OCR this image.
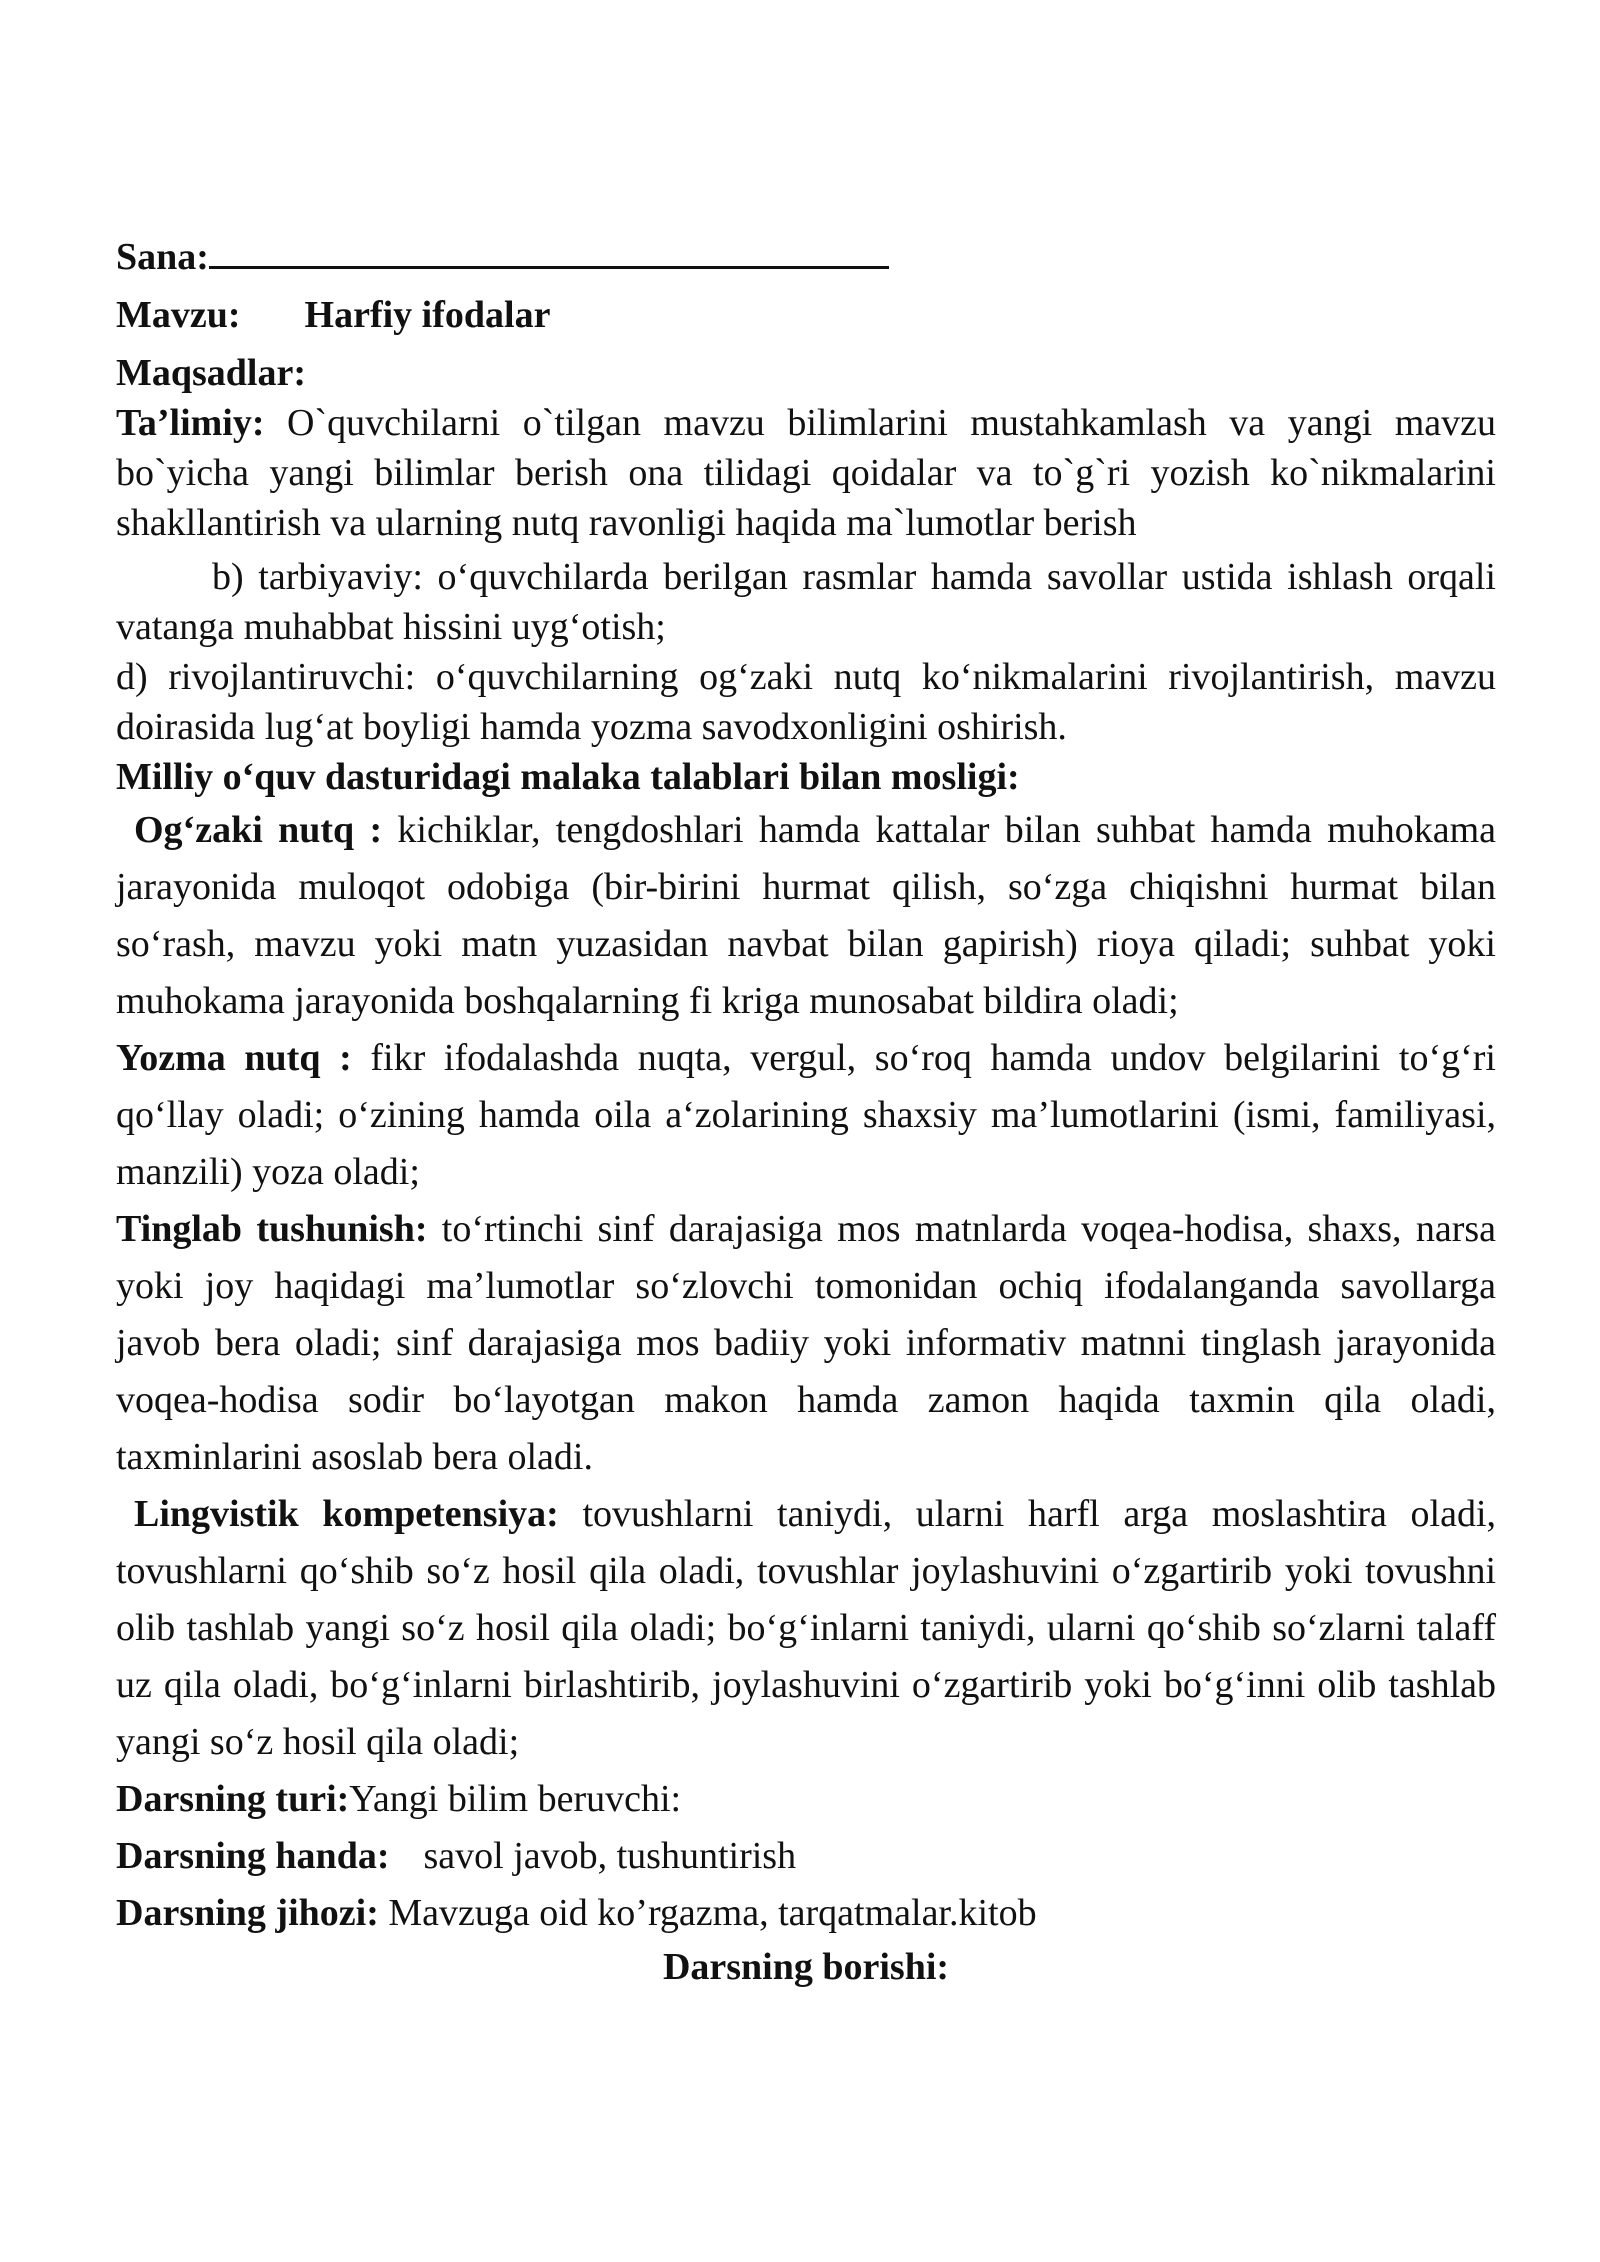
Sana:

Mavzu: Harfiy ifodalar

Maqsadlar:

Ta’limiy: O`quvchilarni o`tilgan mavzu bilimlarini mustahkamlash va yangi mavzu bo`yicha yangi bilimlar berish ona tilidagi qoidalar va to`g`ri yozish ko`nikmalarini shakllantirish va ularning nutq ravonligi haqida ma`lumotlar berish

b) tarbiyaviy: o‘quvchilarda berilgan rasmlar hamda savollar ustida ishlash orqali vatanga muhabbat hissini uyg‘otish;

d) rivojlantiruvchi: o‘quvchilarning og‘zaki nutq ko‘nikmalarini rivojlantirish, mavzu doirasida lug‘at boyligi hamda yozma savodxonligini oshirish.

Milliy o‘quv dasturidagi malaka talablari bilan mosligi:

Og‘zaki nutq : kichiklar, tengdoshlari hamda kattalar bilan suhbat hamda muhokama jarayonida muloqot odobiga (bir-birini hurmat qilish, so‘zga chiqishni hurmat bilan so‘rash, mavzu yoki matn yuzasidan navbat bilan gapirish) rioya qiladi; suhbat yoki muhokama jarayonida boshqalarning fi kriga munosabat bildira oladi;

Yozma nutq : fikr ifodalashda nuqta, vergul, so‘roq hamda undov belgilarini to‘g‘ri qo‘llay oladi; o‘zining hamda oila a‘zolarining shaxsiy ma’lumotlarini (ismi, familiyasi, manzili) yoza oladi;

Tinglab tushunish: to‘rtinchi sinf darajasiga mos matnlarda voqea-hodisa, shaxs, narsa yoki joy haqidagi ma’lumotlar so‘zlovchi tomonidan ochiq ifodalanganda savollarga javob bera oladi; sinf darajasiga mos badiiy yoki informativ matnni tinglash jarayonida voqea-hodisa sodir bo‘layotgan makon hamda zamon haqida taxmin qila oladi, taxminlarini asoslab bera oladi.

Lingvistik kompetensiya: tovushlarni taniydi, ularni harfl arga moslashtira oladi, tovushlarni qo‘shib so‘z hosil qila oladi, tovushlar joylashuvini o‘zgartirib yoki tovushni olib tashlab yangi so‘z hosil qila oladi; bo‘g‘inlarni taniydi, ularni qo‘shib so‘zlarni talaff uz qila oladi, bo‘g‘inlarni birlashtirib, joylashuvini o‘zgartirib yoki bo‘g‘inni olib tashlab yangi so‘z hosil qila oladi;

Darsning turi:Yangi bilim beruvchi:

Darsning handa: savol javob, tushuntirish

Darsning jihozi: Mavzuga oid ko’rgazma, tarqatmalar.kitob

Darsning borishi:
